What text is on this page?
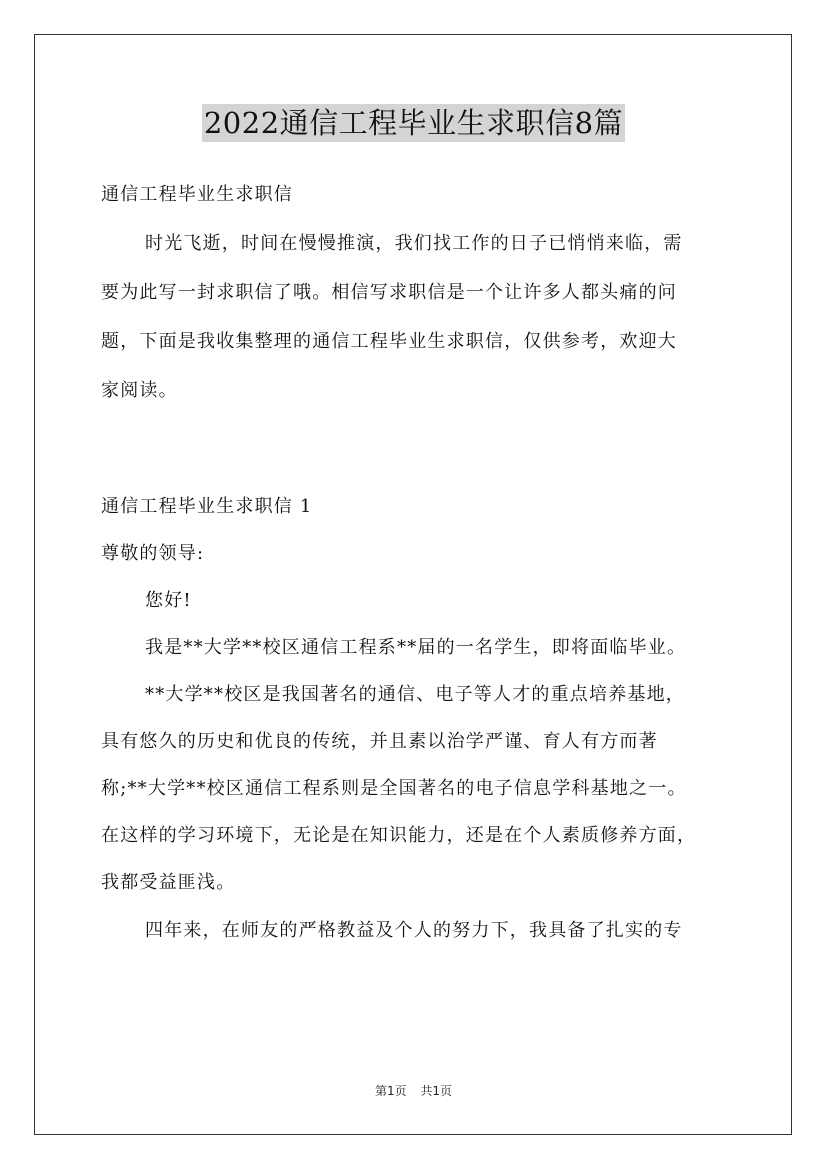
2022通信工程毕业生求职信8篇
通信工程毕业生求职信
时光飞逝，时间在慢慢推演，我们找工作的日子已悄悄来临，需
要为此写一封求职信了哦。相信写求职信是一个让许多人都头痛的问
题，下面是我收集整理的通信工程毕业生求职信，仅供参考，欢迎大
家阅读。
通信工程毕业生求职信 1
尊敬的领导:
您好!
我是**大学**校区通信工程系**届的一名学生，即将面临毕业。
**大学**校区是我国著名的通信、电子等人才的重点培养基地，
具有悠久的历史和优良的传统，并且素以治学严谨、育人有方而著
称;**大学**校区通信工程系则是全国著名的电子信息学科基地之一。
在这样的学习环境下，无论是在知识能力，还是在个人素质修养方面，
我都受益匪浅。
四年来，在师友的严格教益及个人的努力下，我具备了扎实的专
第1页 共1页
